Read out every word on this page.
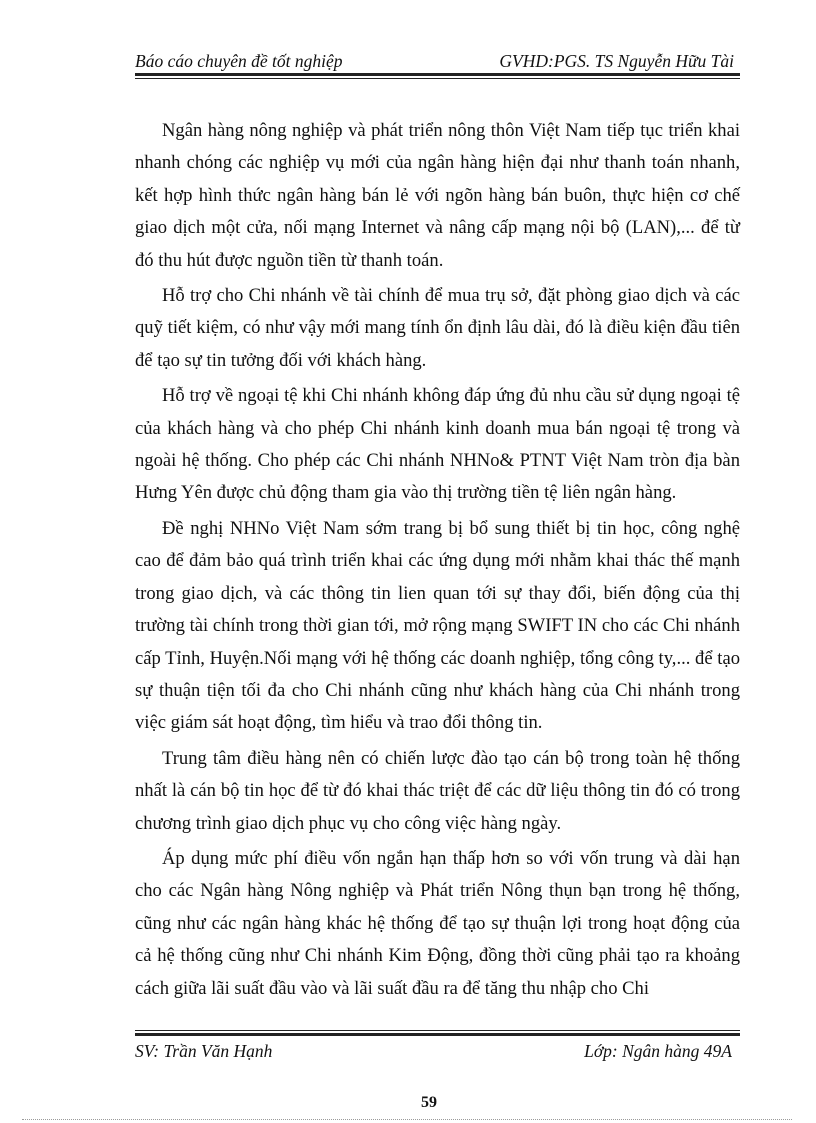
Báo cáo chuyên đề tốt nghiệp	GVHD:PGS. TS Nguyễn Hữu Tài

Ngân hàng nông nghiệp và phát triển nông thôn Việt Nam tiếp tục triển khai nhanh chóng các nghiệp vụ mới của ngân hàng hiện đại như thanh toán nhanh, kết hợp hình thức ngân hàng bán lẻ với ngõn hàng bán buôn, thực hiện cơ chế giao dịch một cửa, nối mạng Internet và nâng cấp mạng nội bộ (LAN),... để từ đó thu hút được nguồn tiền từ thanh toán.

Hỗ trợ cho Chi nhánh về tài chính để mua trụ sở, đặt phòng giao dịch và các quỹ tiết kiệm, có như vậy mới mang tính ổn định lâu dài, đó là điều kiện đầu tiên để tạo sự tin tưởng đối với khách hàng.

Hỗ trợ về ngoại tệ khi Chi nhánh không đáp ứng đủ nhu cầu sử dụng ngoại tệ của khách hàng và cho phép Chi nhánh kinh doanh mua bán ngoại tệ trong và ngoài hệ thống. Cho phép các Chi nhánh NHNo& PTNT Việt Nam tròn địa bàn Hưng Yên được chủ động tham gia vào thị trường tiền tệ liên ngân hàng.

Đề nghị NHNo Việt Nam sớm trang bị bổ sung thiết bị tin học, công nghệ cao để đảm bảo quá trình triển khai các ứng dụng mới nhằm khai thác thế mạnh trong giao dịch, và các thông tin lien quan tới sự thay đổi, biến động của thị trường tài chính trong thời gian tới, mở rộng mạng SWIFT IN cho các Chi nhánh cấp Tỉnh, Huyện.Nối mạng với hệ thống các doanh nghiệp, tổng công ty,... để tạo sự thuận tiện tối đa cho Chi nhánh cũng như khách hàng của Chi nhánh trong việc giám sát hoạt động, tìm hiểu và trao đổi thông tin.

Trung tâm điều hàng nên có chiến lược đào tạo cán bộ trong toàn hệ thống nhất là cán bộ tin học để từ đó khai thác triệt để các dữ liệu thông tin đó có trong chương trình giao dịch phục vụ cho công việc hàng ngày.

Áp dụng mức phí điều vốn ngắn hạn thấp hơn so với vốn trung và dài hạn cho các Ngân hàng Nông nghiệp và Phát triển Nông thụn bạn trong hệ thống, cũng như các ngân hàng khác hệ thống để tạo sự thuận lợi trong hoạt động của cả hệ thống cũng như Chi nhánh Kim Động, đồng thời cũng phải tạo ra khoảng cách giữa lãi suất đầu vào và lãi suất đầu ra để tăng thu nhập cho Chi

SV: Trần Văn Hạnh	Lớp: Ngân hàng 49A
59
